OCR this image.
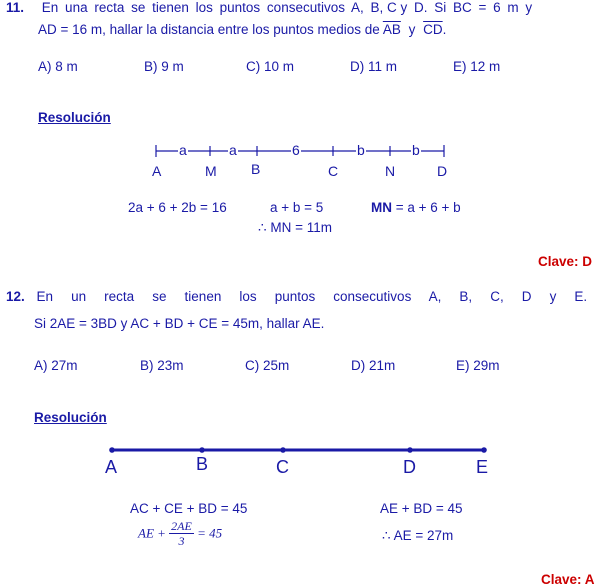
11. En una recta se tienen los puntos consecutivos A, B, $\overline{C}$ y D. Si BC = 6 m y
AD = 16 m, hallar la distancia entre los puntos medios de $\overline{AB}$ y $\overline{CD}$.
A) 8 m	B) 9 m	C) 10 m	D) 11 m	E) 12 m
Resolución
a	a	6	b	b
A	M B	C	N	D
2a + 6 + 2b = 16	a + b = 5	MN = a + 6 + b
∴ MN = 11m
Clave: D
12. En un recta se tienen los puntos consecutivos A, B, C, D y E.
Si 2AE = 3BD y AC + BD + CE = 45m, hallar AE.
A) 27m	B) 23m	C) 25m	D) 21m	E) 29m
Resolución
A	B	C	D	E
AC + CE + BD = 45	AE + BD = 45
AE + $\frac{2AE}{3} = 45$	∴ AE = 27m
Clave: A
